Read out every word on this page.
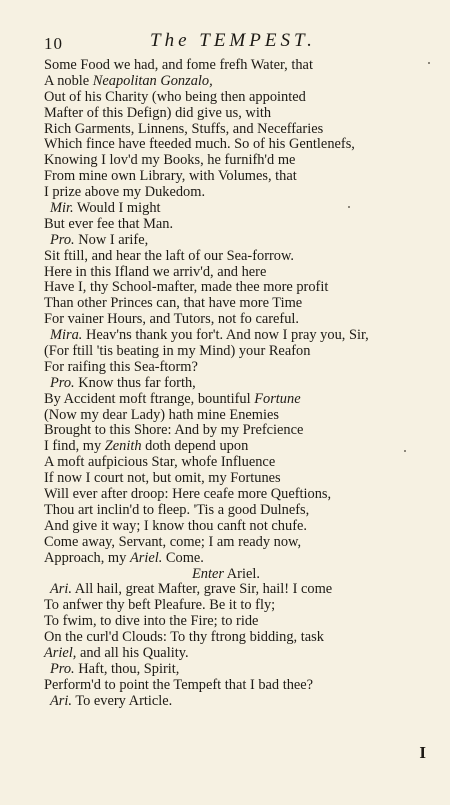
10	The TEMPEST.
Some Food we had, and fome frefh Water, that
A noble Neapolitan Gonzalo,
Out of his Charity (who being then appointed
Mafter of this Defign) did give us, with
Rich Garments, Linnens, Stuffs, and Neceffaries
Which fince have fteeded much. So of his Gentlenefs,
Knowing I lov'd my Books, he furnifh'd me
From mine own Library, with Volumes, that
I prize above my Dukedom.
Mir. Would I might
But ever fee that Man.
Pro. Now I arife,
Sit ftill, and hear the laft of our Sea-forrow.
Here in this Ifland we arriv'd, and here
Have I, thy School-mafter, made thee more profit
Than other Princes can, that have more Time
For vainer Hours, and Tutors, not fo careful.
Mira. Heav'ns thank you for't. And now I pray you, Sir,
(For ftill 'tis beating in my Mind) your Reafon
For raifing this Sea-ftorm?
Pro. Know thus far forth,
By Accident moft ftrange, bountiful Fortune
(Now my dear Lady) hath mine Enemies
Brought to this Shore: And by my Prefcience
I find, my Zenith doth depend upon
A moft aufpicious Star, whofe Influence
If now I court not, but omit, my Fortunes
Will ever after droop: Here ceafe more Queftions,
Thou art inclin'd to fleep. 'Tis a good Dulnefs,
And give it way; I know thou canft not chufe.
Come away, Servant, come; I am ready now,
Approach, my Ariel. Come.
Enter Ariel.
Ari. All hail, great Mafter, grave Sir, hail! I come
To anfwer thy beft Pleafure. Be it to fly;
To fwim, to dive into the Fire; to ride
On the curl'd Clouds: To thy ftrong bidding, task
Ariel, and all his Quality.
Pro. Haft, thou, Spirit,
Perform'd to point the Tempeft that I bad thee?
Ari. To every Article.
I
